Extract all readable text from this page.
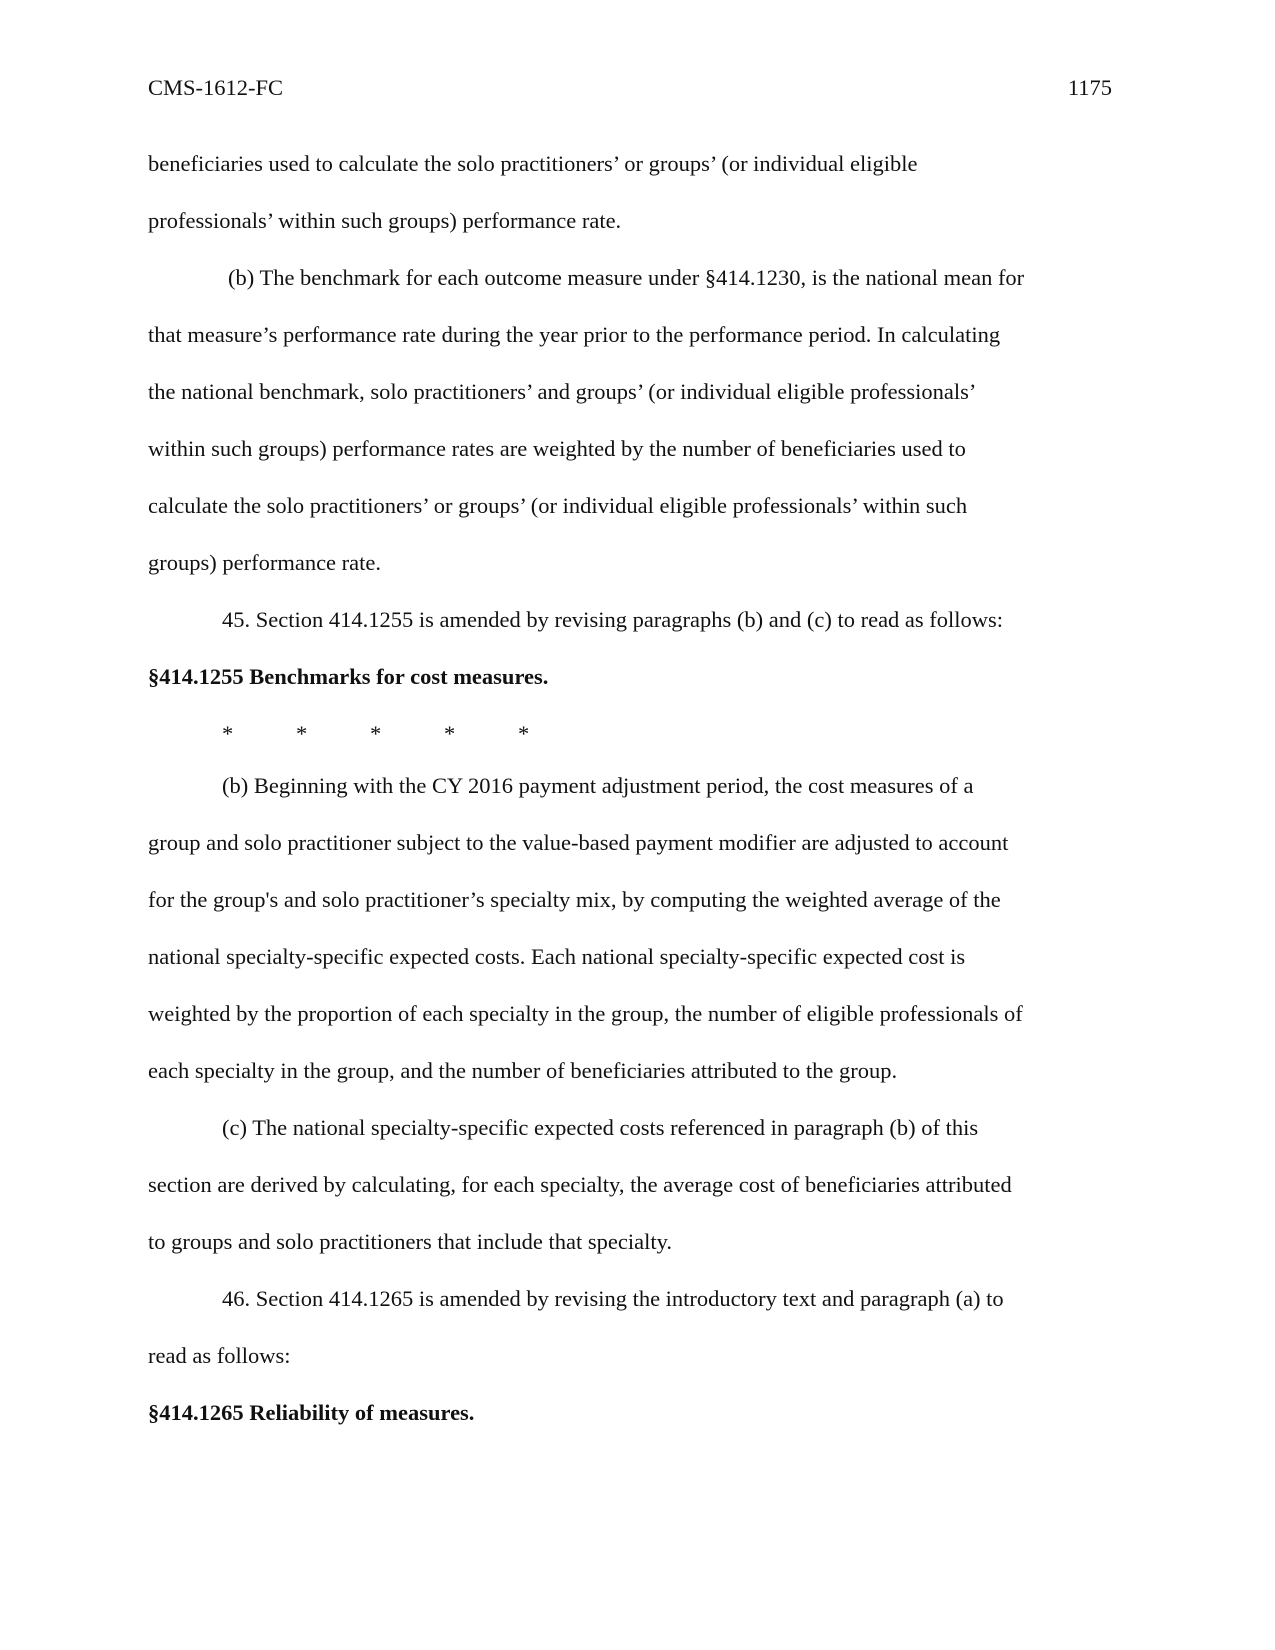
CMS-1612-FC	1175
beneficiaries used to calculate the solo practitioners’ or groups’ (or individual eligible
professionals’ within such groups) performance rate.
(b) The benchmark for each outcome measure under §414.1230, is the national mean for
that measure’s performance rate during the year prior to the performance period. In calculating
the national benchmark, solo practitioners’ and groups’ (or individual eligible professionals’
within such groups) performance rates are weighted by the number of beneficiaries used to
calculate the solo practitioners’ or groups’ (or individual eligible professionals’ within such
groups) performance rate.
45. Section 414.1255 is amended by revising paragraphs (b) and (c) to read as follows:
§414.1255 Benchmarks for cost measures.
*	*	*	*	*
(b) Beginning with the CY 2016 payment adjustment period, the cost measures of a
group and solo practitioner subject to the value-based payment modifier are adjusted to account
for the group's and solo practitioner’s specialty mix, by computing the weighted average of the
national specialty-specific expected costs. Each national specialty-specific expected cost is
weighted by the proportion of each specialty in the group, the number of eligible professionals of
each specialty in the group, and the number of beneficiaries attributed to the group.
(c) The national specialty-specific expected costs referenced in paragraph (b) of this
section are derived by calculating, for each specialty, the average cost of beneficiaries attributed
to groups and solo practitioners that include that specialty.
46. Section 414.1265 is amended by revising the introductory text and paragraph (a) to
read as follows:
§414.1265 Reliability of measures.
